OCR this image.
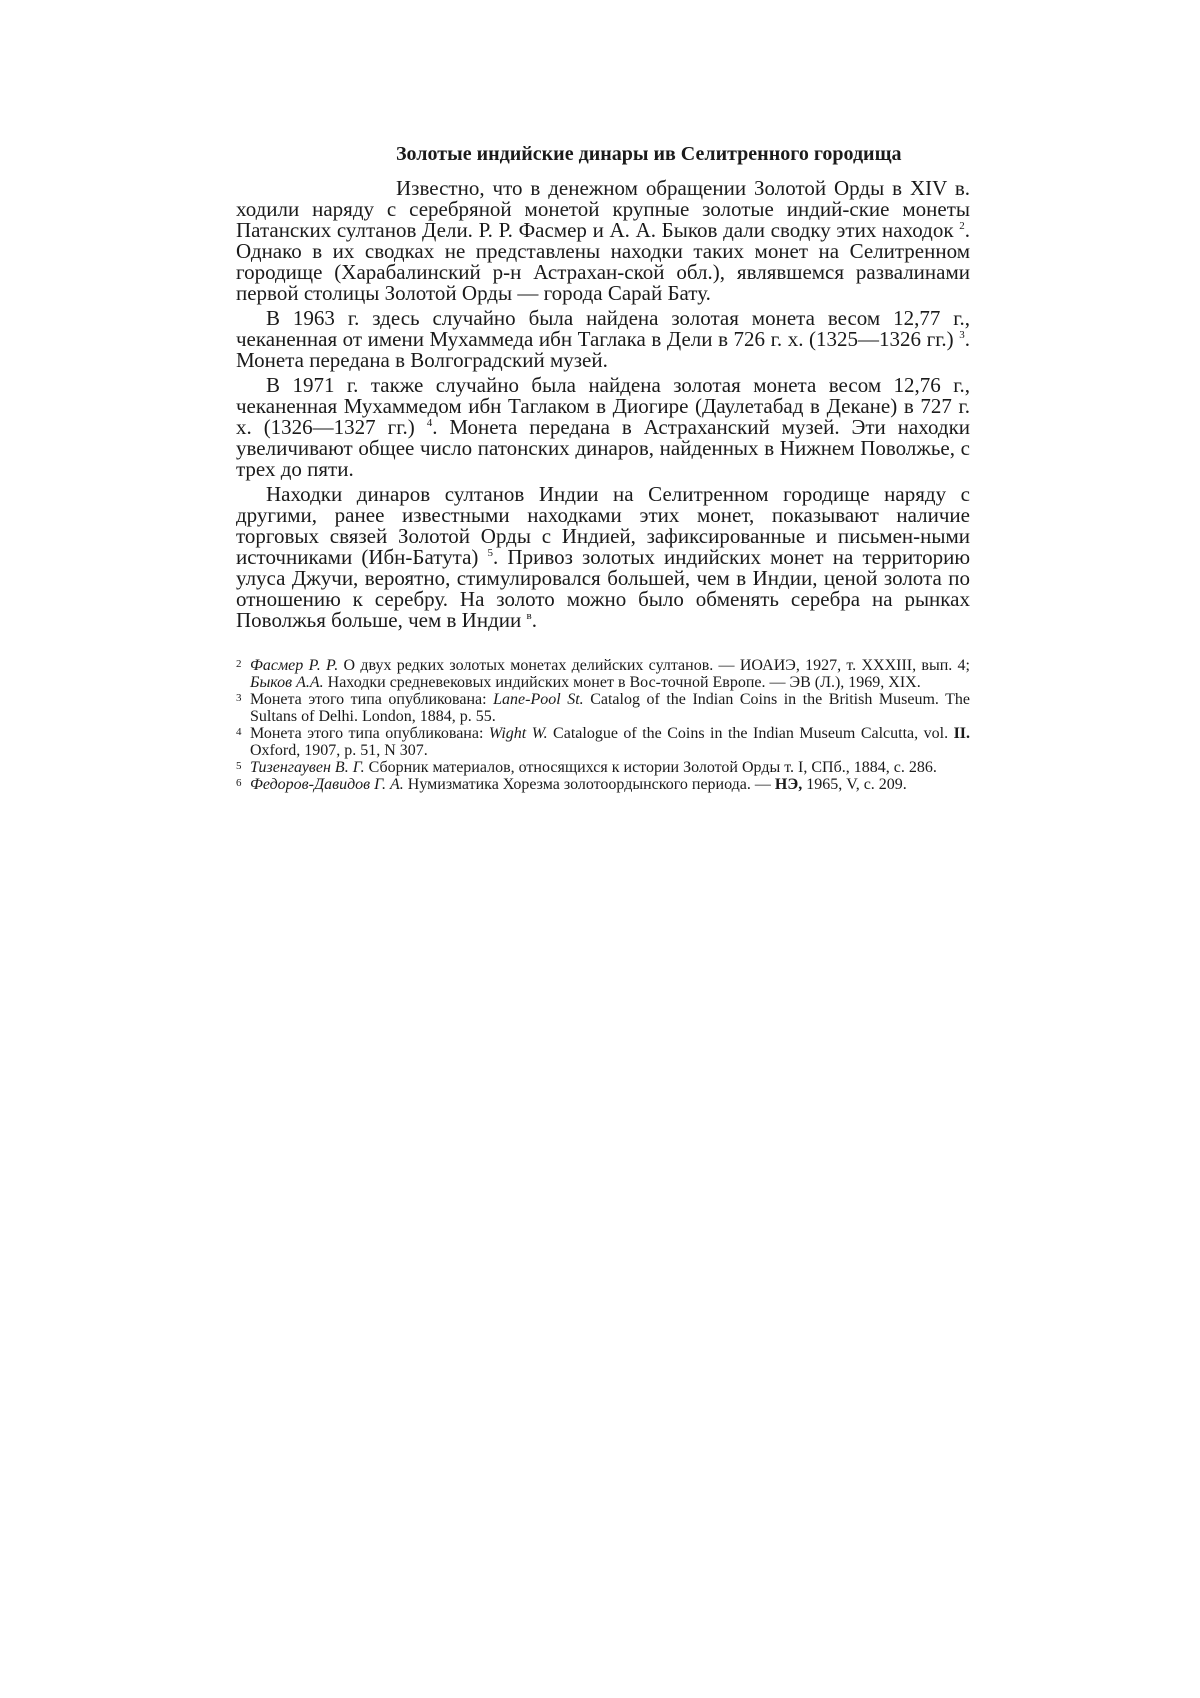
Золотые индийские динары ив Селитренного городища

Известно, что в денежном обращении Золотой Орды в XIV в. ходили наряду с серебряной монетой крупные золотые индий-ские монеты Патанских султанов Дели. Р. Р. Фасмер и А. А. Быков дали сводку этих находок $^2$. Однако в их сводках не представлены находки таких монет на Селитренном городище (Харабалинский р-н Астрахан-ской обл.), являвшемся развалинами первой столицы Золотой Орды — города Сарай Бату.

В 1963 г. здесь случайно была найдена золотая монета весом 12,77 г., чеканенная от имени Мухаммеда ибн Таглака в Дели в 726 г. х. (1325—1326 гг.) $^3$. Монета передана в Волгоградский музей.

В 1971 г. также случайно была найдена золотая монета весом 12,76 г., чеканенная Мухаммедом ибн Таглаком в Диогире (Даулетабад в Декане) в 727 г. х. (1326—1327 гг.) $^4$. Монета передана в Астраханский музей. Эти находки увеличивают общее число патонских динаров, найденных в Нижнем Поволжье, с трех до пяти.

Находки динаров султанов Индии на Селитренном городище наряду с другими, ранее известными находками этих монет, показывают наличие торговых связей Золотой Орды с Индией, зафиксированные и письмен-ными источниками (Ибн-Батута) $^5$. Привоз золотых индийских монет на территорию улуса Джучи, вероятно, стимулировался большей, чем в Индии, ценой золота по отношению к серебру. На золото можно было обменять серебра на рынках Поволжья больше, чем в Индии $^в$.

2 Фасмер Р. Р. О двух редких золотых монетах делийских султанов. — ИОАИЭ, 1927, т. XXXIII, вып. 4; Быков А.А. Находки средневековых индийских монет в Вос-точной Европе. — ЭВ (Л.), 1969, XIX.
3 Монета этого типа опубликована: Lane-Pool St. Catalog of the Indian Coins in the British Museum. The Sultans of Delhi. London, 1884, p. 55.
4 Монета этого типа опубликована: Wight W. Catalogue of the Coins in the Indian Museum Calcutta, vol. II. Oxford, 1907, p. 51, N 307.
5 Тизенгаувен В. Г. Сборник материалов, относящихся к истории Золотой Орды т. I, СПб., 1884, с. 286.
6 Федоров-Давидов Г. А. Нумизматика Хорезма золотоордынского периода. — НЭ, 1965, V, с. 209.
